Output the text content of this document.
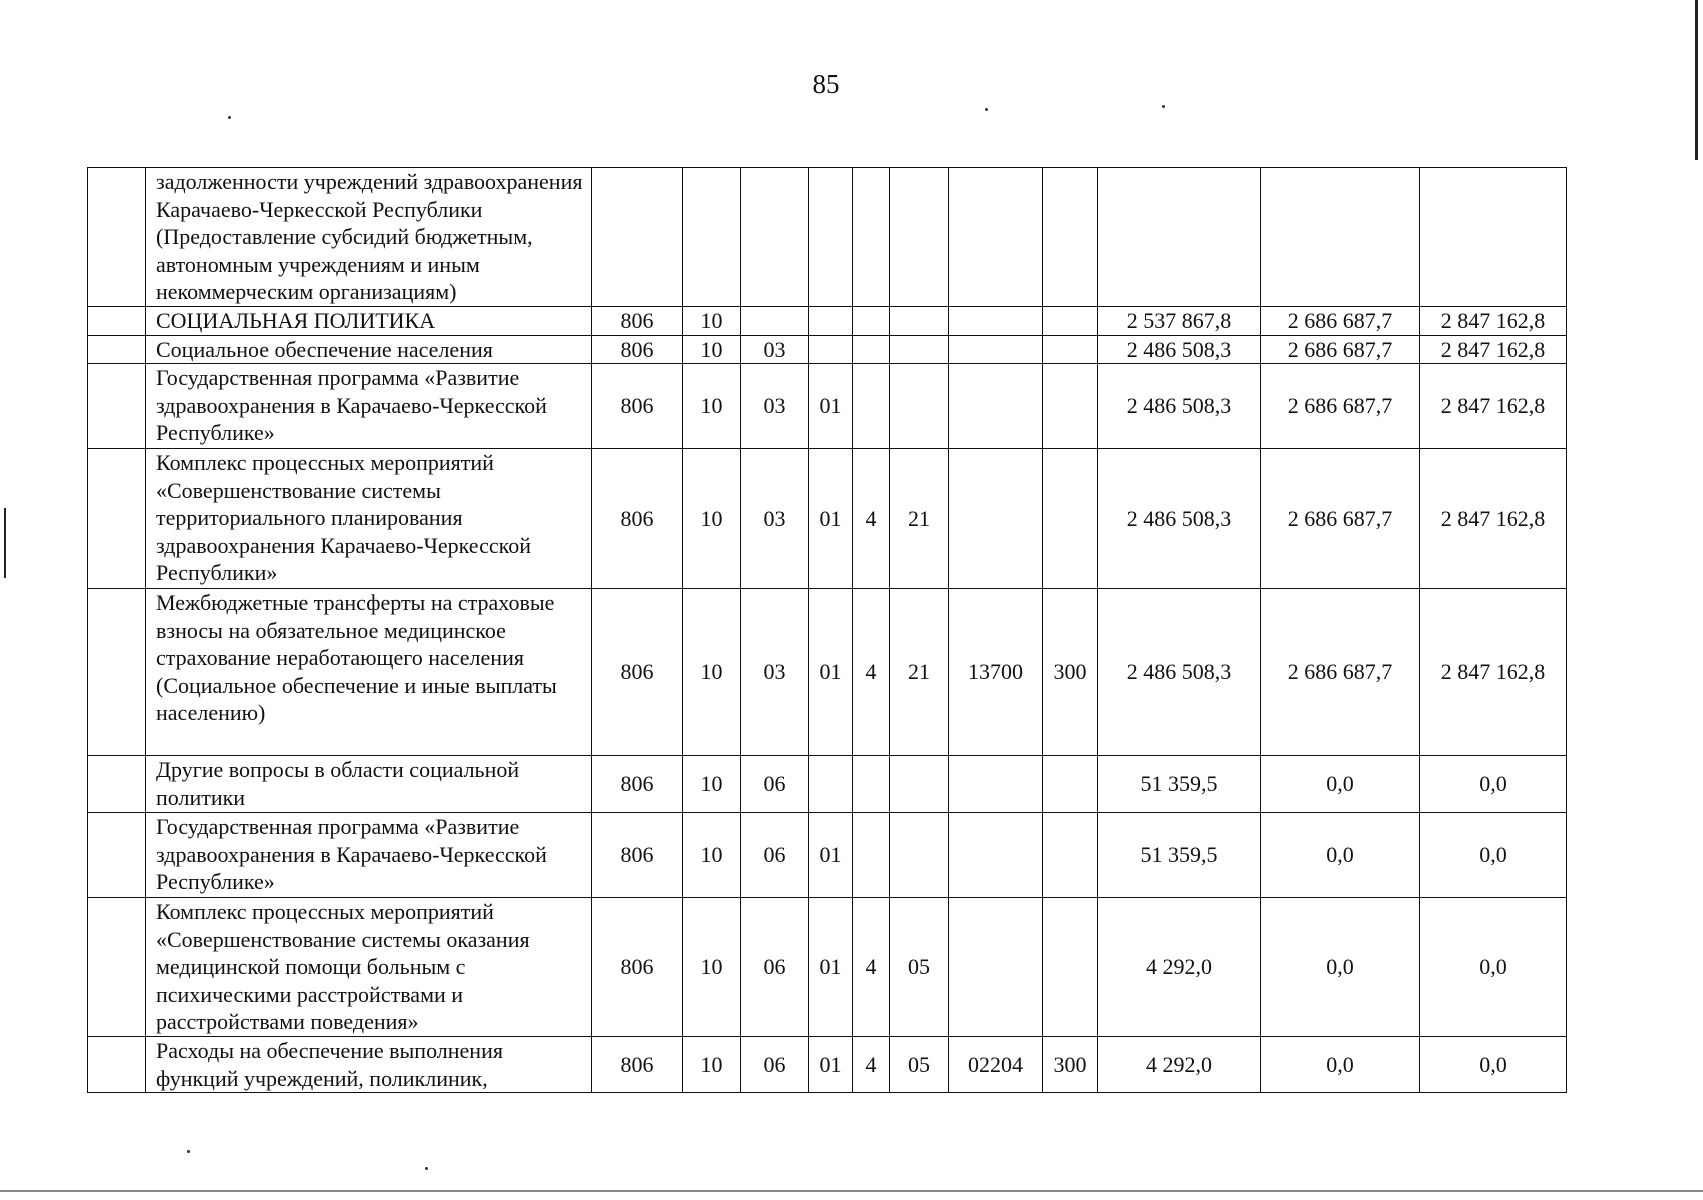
85
	задолженности учреждений здравоохранения Карачаево-Черкесской Республики (Предоставление субсидий бюджетным, автономным учреждениям и иным некоммерческим организациям)											
	СОЦИАЛЬНАЯ ПОЛИТИКА	806	10							2 537 867,8	2 686 687,7	2 847 162,8
	Социальное обеспечение населения	806	10	03						2 486 508,3	2 686 687,7	2 847 162,8
	Государственная программа «Развитие здравоохранения в Карачаево-Черкесской Республике»	806	10	03	01					2 486 508,3	2 686 687,7	2 847 162,8
	Комплекс процессных мероприятий «Совершенствование системы территориального планирования здравоохранения Карачаево-Черкесской Республики»	806	10	03	01	4	21			2 486 508,3	2 686 687,7	2 847 162,8
	Межбюджетные трансферты на страховые взносы на обязательное медицинское страхование неработающего населения (Социальное обеспечение и иные выплаты населению)	806	10	03	01	4	21	13700	300	2 486 508,3	2 686 687,7	2 847 162,8
	Другие вопросы в области социальной политики	806	10	06						51 359,5	0,0	0,0
	Государственная программа «Развитие здравоохранения в Карачаево-Черкесской Республике»	806	10	06	01					51 359,5	0,0	0,0
	Комплекс процессных мероприятий «Совершенствование системы оказания медицинской помощи больным с психическими расстройствами и расстройствами поведения»	806	10	06	01	4	05			4 292,0	0,0	0,0
	Расходы на обеспечение выполнения функций учреждений, поликлиник,	806	10	06	01	4	05	02204	300	4 292,0	0,0	0,0
